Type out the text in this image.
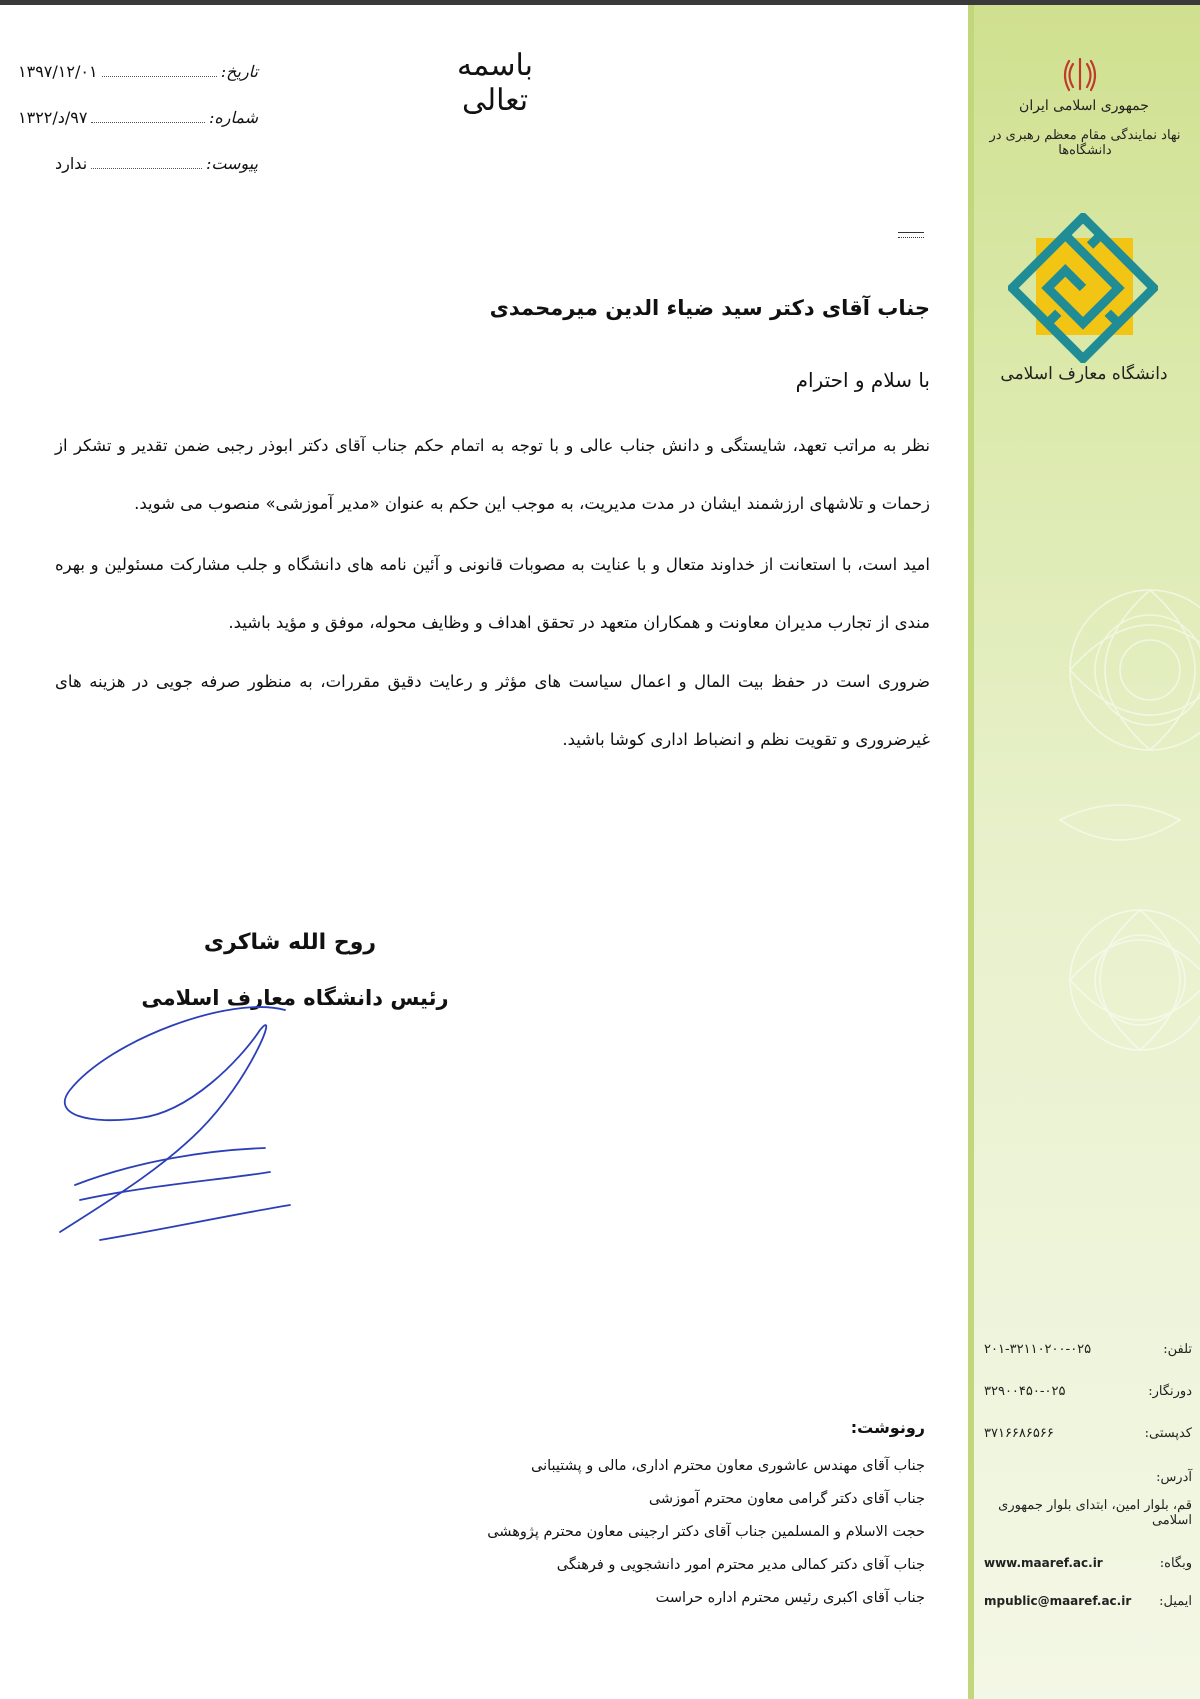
جمهوری اسلامی ایران
نهاد نمایندگی مقام معظم رهبری در دانشگاه‌ها
دانشگاه معارف اسلامی
تلفن:
۲۰۱-۳۲۱۱۰۲۰۰-۰۲۵
دورنگار:
۳۲۹۰۰۴۵۰-۰۲۵
کدپستی:
۳۷۱۶۶۸۶۵۶۶
آدرس:
قم، بلوار امین، ابتدای بلوار جمهوری اسلامی
وبگاه:
www.maaref.ac.ir
ایمیل:
mpublic@maaref.ac.ir
باسمه تعالی
تاریخ:
۱۳۹۷/۱۲/۰۱
شماره:
۹۷/د/۱۳۲۲
پیوست:
ندارد
جناب آقای دکتر سید ضیاء الدین میرمحمدی
با سلام و احترام
نظر به مراتب تعهد، شایستگی و دانش جناب عالی و با توجه به اتمام حکم جناب آقای دکتر ابوذر رجبی ضمن تقدیر و تشکر از زحمات و تلاشهای ارزشمند ایشان در مدت مدیریت، به موجب این حکم به عنوان «مدیر آموزشی» منصوب می شوید.
امید است، با استعانت از خداوند متعال و با عنایت به مصوبات قانونی و آئین نامه های دانشگاه و جلب مشارکت مسئولین و بهره مندی از تجارب مدیران معاونت و همکاران متعهد در تحقق اهداف و وظایف محوله، موفق و مؤید باشید.
ضروری است در حفظ بیت المال و اعمال سیاست های مؤثر و رعایت دقیق مقررات، به منظور صرفه جویی در هزینه های غیرضروری و تقویت نظم و انضباط اداری کوشا باشید.
روح الله شاکری
رئیس دانشگاه معارف اسلامی
رونوشت:
جناب آقای مهندس عاشوری معاون محترم اداری، مالی و پشتیبانی
جناب آقای دکتر گرامی معاون محترم آموزشی
حجت الاسلام و المسلمین جناب آقای دکتر ارجینی معاون محترم پژوهشی
جناب آقای دکتر کمالی مدیر محترم امور دانشجویی و فرهنگی
جناب آقای اکبری رئیس محترم اداره حراست
